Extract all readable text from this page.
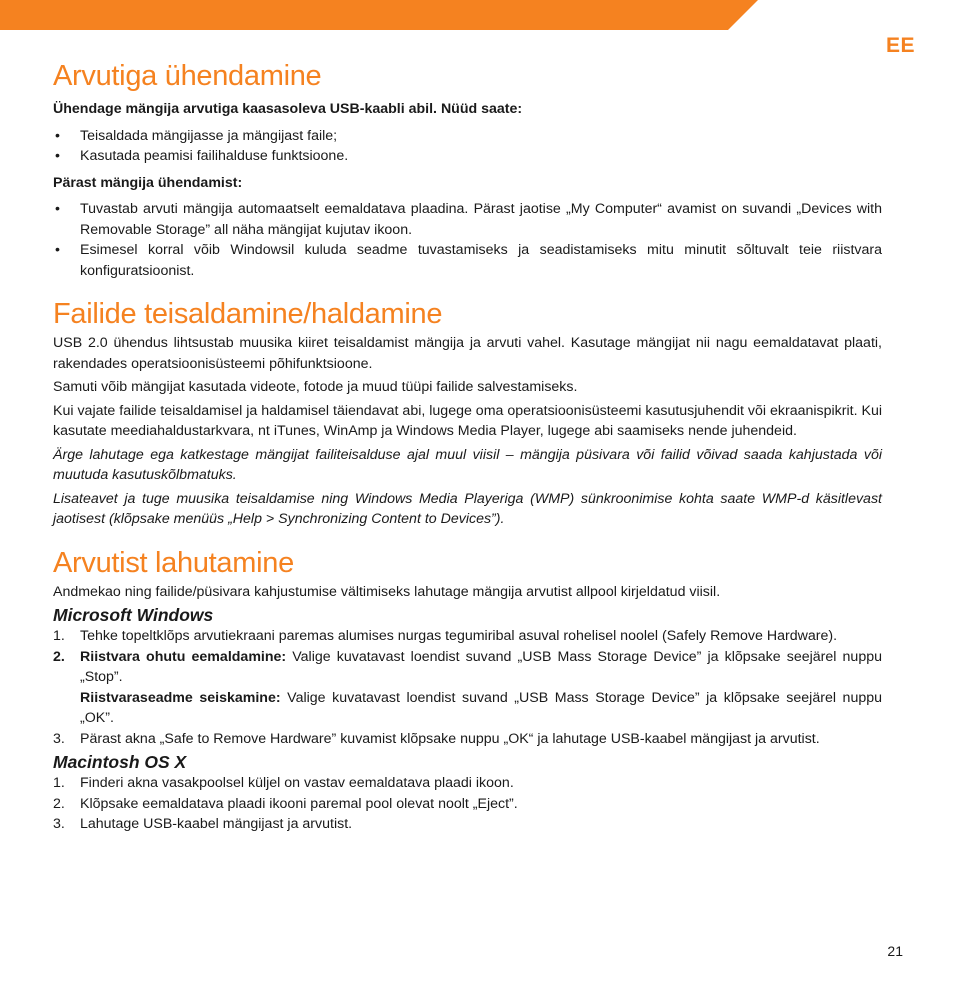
EE
Arvutiga ühendamine

Ühendage mängija arvutiga kaasasoleva USB-kaabli abil. Nüüd saate:

• Teisaldada mängijasse ja mängijast faile;
• Kasutada peamisi failihalduse funktsioone.

Pärast mängija ühendamist:

• Tuvastab arvuti mängija automaatselt eemaldatava plaadina. Pärast jaotise „My Computer“ avamist on suvandi „Devices with Removable Storage” all näha mängijat kujutav ikoon.
• Esimesel korral võib Windowsil kuluda seadme tuvastamiseks ja seadistamiseks mitu minutit sõltuvalt teie riistvara konfiguratsioonist.
Failide teisaldamine/haldamine

USB 2.0 ühendus lihtsustab muusika kiiret teisaldamist mängija ja arvuti vahel. Kasutage mängijat nii nagu eemaldatavat plaati, rakendades operatsioonisüsteemi põhifunktsioone.

Samuti võib mängijat kasutada videote, fotode ja muud tüüpi failide salvestamiseks.

Kui vajate failide teisaldamisel ja haldamisel täiendavat abi, lugege oma operatsioonisüsteemi kasutusjuhendit või ekraanispikrit. Kui kasutate meediahaldustarkvara, nt iTunes, WinAmp ja Windows Media Player, lugege abi saamiseks nende juhendeid.

Ärge lahutage ega katkestage mängijat failiteisalduse ajal muul viisil – mängija püsivara või failid võivad saada kahjustada või muutuda kasutuskõlbmatuks.

Lisateavet ja tuge muusika teisaldamise ning Windows Media Playeriga (WMP) sünkroonimise kohta saate WMP-d käsitlevast jaotisest (klõpsake menüüs „Help > Synchronizing Content to Devices”).

Arvutist lahutamine

Andmekao ning failide/püsivara kahjustumise vältimiseks lahutage mängija arvutist allpool kirjeldatud viisil.

Microsoft Windows
1. Tehke topeltklõps arvutiekraani paremas alumises nurgas tegumiribal asuval rohelisel noolel (Safely Remove Hardware).
2. Riistvara ohutu eemaldamine: Valige kuvatavast loendist suvand „USB Mass Storage Device” ja klõpsake seejärel nuppu „Stop”.
Riistvaraseadme seiskamine: Valige kuvatavast loendist suvand „USB Mass Storage Device” ja klõpsake seejärel nuppu „OK”.
3. Pärast akna „Safe to Remove Hardware” kuvamist klõpsake nuppu „OK“ ja lahutage USB-kaabel mängijast ja arvutist.
Macintosh OS X
1. Finderi akna vasakpoolsel küljel on vastav eemaldatava plaadi ikoon.
2. Klõpsake eemaldatava plaadi ikooni paremal pool olevat noolt „Eject”.
3. Lahutage USB-kaabel mängijast ja arvutist.
21
